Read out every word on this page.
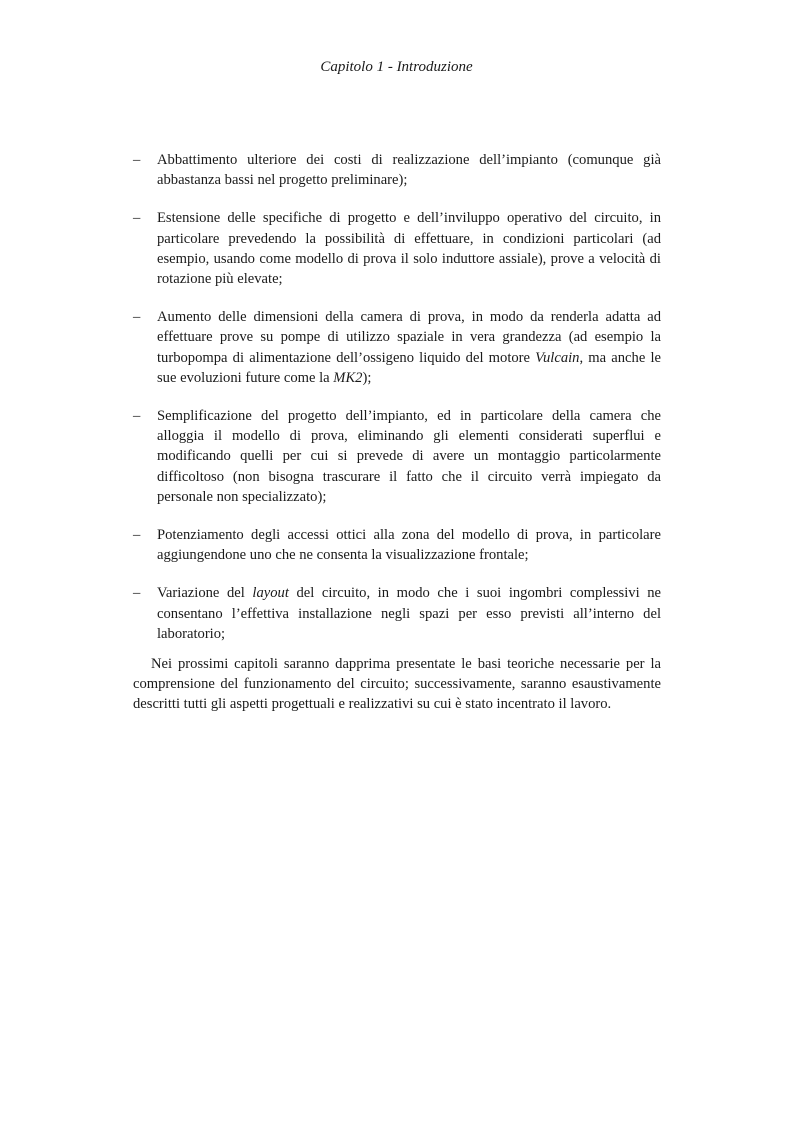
Capitolo 1 - Introduzione
– Abbattimento ulteriore dei costi di realizzazione dell’impianto (comunque già abbastanza bassi nel progetto preliminare);
– Estensione delle specifiche di progetto e dell’inviluppo operativo del circuito, in particolare prevedendo la possibilità di effettuare, in condizioni particolari (ad esempio, usando come modello di prova il solo induttore assiale), prove a velocità di rotazione più elevate;
– Aumento delle dimensioni della camera di prova, in modo da renderla adatta ad effettuare prove su pompe di utilizzo spaziale in vera grandezza (ad esempio la turbopompa di alimentazione dell’ossigeno liquido del motore Vulcain, ma anche le sue evoluzioni future come la MK2);
– Semplificazione del progetto dell’impianto, ed in particolare della camera che alloggia il modello di prova, eliminando gli elementi considerati superflui e modificando quelli per cui si prevede di avere un montaggio particolarmente difficoltoso (non bisogna trascurare il fatto che il circuito verrà impiegato da personale non specializzato);
– Potenziamento degli accessi ottici alla zona del modello di prova, in particolare aggiungendone uno che ne consenta la visualizzazione frontale;
– Variazione del layout del circuito, in modo che i suoi ingombri complessivi ne consentano l’effettiva installazione negli spazi per esso previsti all’interno del laboratorio;

Nei prossimi capitoli saranno dapprima presentate le basi teoriche necessarie per la comprensione del funzionamento del circuito; successivamente, saranno esaustivamente descritti tutti gli aspetti progettuali e realizzativi su cui è stato incentrato il lavoro.
